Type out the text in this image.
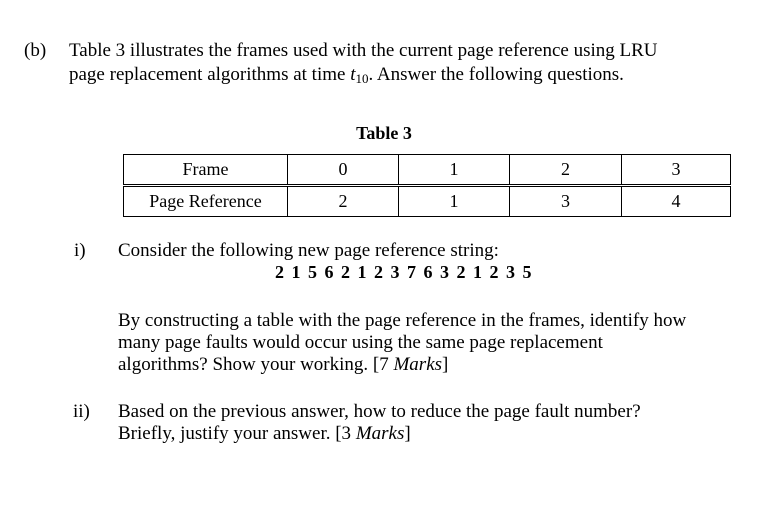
(b) Table 3 illustrates the frames used with the current page reference using LRU
page replacement algorithms at time $t_{10}$. Answer the following questions.
Table 3
Frame	0	1	2	3
Page Reference	2	1	3	4
i) Consider the following new page reference string:
2 1 5 6 2 1 2 3 7 6 3 2 1 2 3 5
By constructing a table with the page reference in the frames, identify how
many page faults would occur using the same page replacement
algorithms? Show your working. [7 Marks]
ii) Based on the previous answer, how to reduce the page fault number?
Briefly, justify your answer. [3 Marks]
